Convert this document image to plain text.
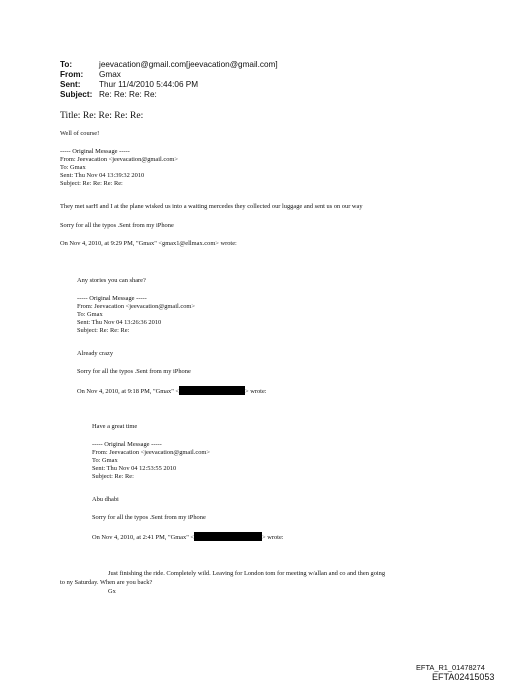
To:	jeevacation@gmail.com[jeevacation@gmail.com]
From: Gmax
Sent: Thur 11/4/2010 5:44:06 PM
Subject: Re: Re: Re: Re:
Title: Re: Re: Re: Re:
Well of course!
----- Original Message -----
From: Jeevacation <jeevacation@gmail.com>
To: Gmax
Sent: Thu Nov 04 13:39:32 2010
Subject: Re: Re: Re: Re:
They met sarH and I at the plane wisked us into a waiting mercedes they collected our luggage and sent us on our way
Sorry for all the typos .Sent from my iPhone
On Nov 4, 2010, at 9:29 PM, "Gmax" <gmax1@ellmax.com> wrote:
Any stories you can share?
----- Original Message -----
From: Jeevacation <jeevacation@gmail.com>
To: Gmax
Sent: Thu Nov 04 13:26:36 2010
Subject: Re: Re: Re:
Already crazy
Sorry for all the typos .Sent from my iPhone
On Nov 4, 2010, at 9:18 PM, "Gmax" <	> wrote:
Have a great time
----- Original Message -----
From: Jeevacation <jeevacation@gmail.com>
To: Gmax
Sent: Thu Nov 04 12:53:55 2010
Subject: Re: Re:
Abu dhabi
Sorry for all the typos .Sent from my iPhone
On Nov 4, 2010, at 2:41 PM, "Gmax" <	> wrote:
Just finishing the ride. Completely wild. Leaving for London tom for meeting w/allan and co and then going
to ny Saturday. When are you back?
Gx
EFTA_R1_01478274
EFTA02415053
